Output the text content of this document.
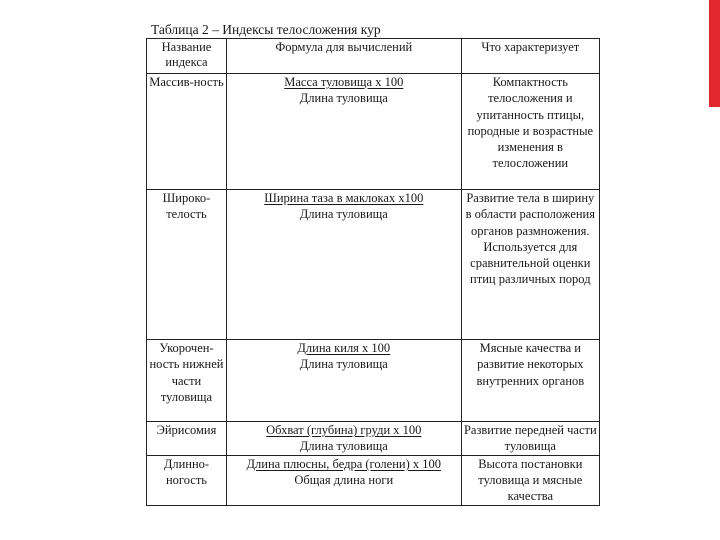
Таблица 2 – Индексы телосложения кур
Название индекса	Формула для вычислений	Что характеризует
Массив-ность	$\frac{\text{Масса туловища х 100}}{\text{Длина туловища}}$	Компактность телосложения и упитанность птицы, породные и возрастные изменения в телосложении
Широко-телость	$\frac{\text{Ширина таза в маклоках х100}}{\text{Длина туловища}}$	Развитие тела в ширину в области расположения органов размножения. Используется для сравнительной оценки птиц различных пород
Укорочен-ность нижней части туловища	$\frac{\text{Длина киля х 100}}{\text{Длина туловища}}$	Мясные качества и развитие некоторых внутренних органов
Эйрисомия	$\frac{\text{Обхват (глубина) груди х 100}}{\text{Длина туловища}}$	Развитие передней части туловища
Длинно-ногость	$\frac{\text{Длина плюсны, бедра (голени) х 100}}{\text{Общая длина ноги}}$	Высота постановки туловища и мясные качества
